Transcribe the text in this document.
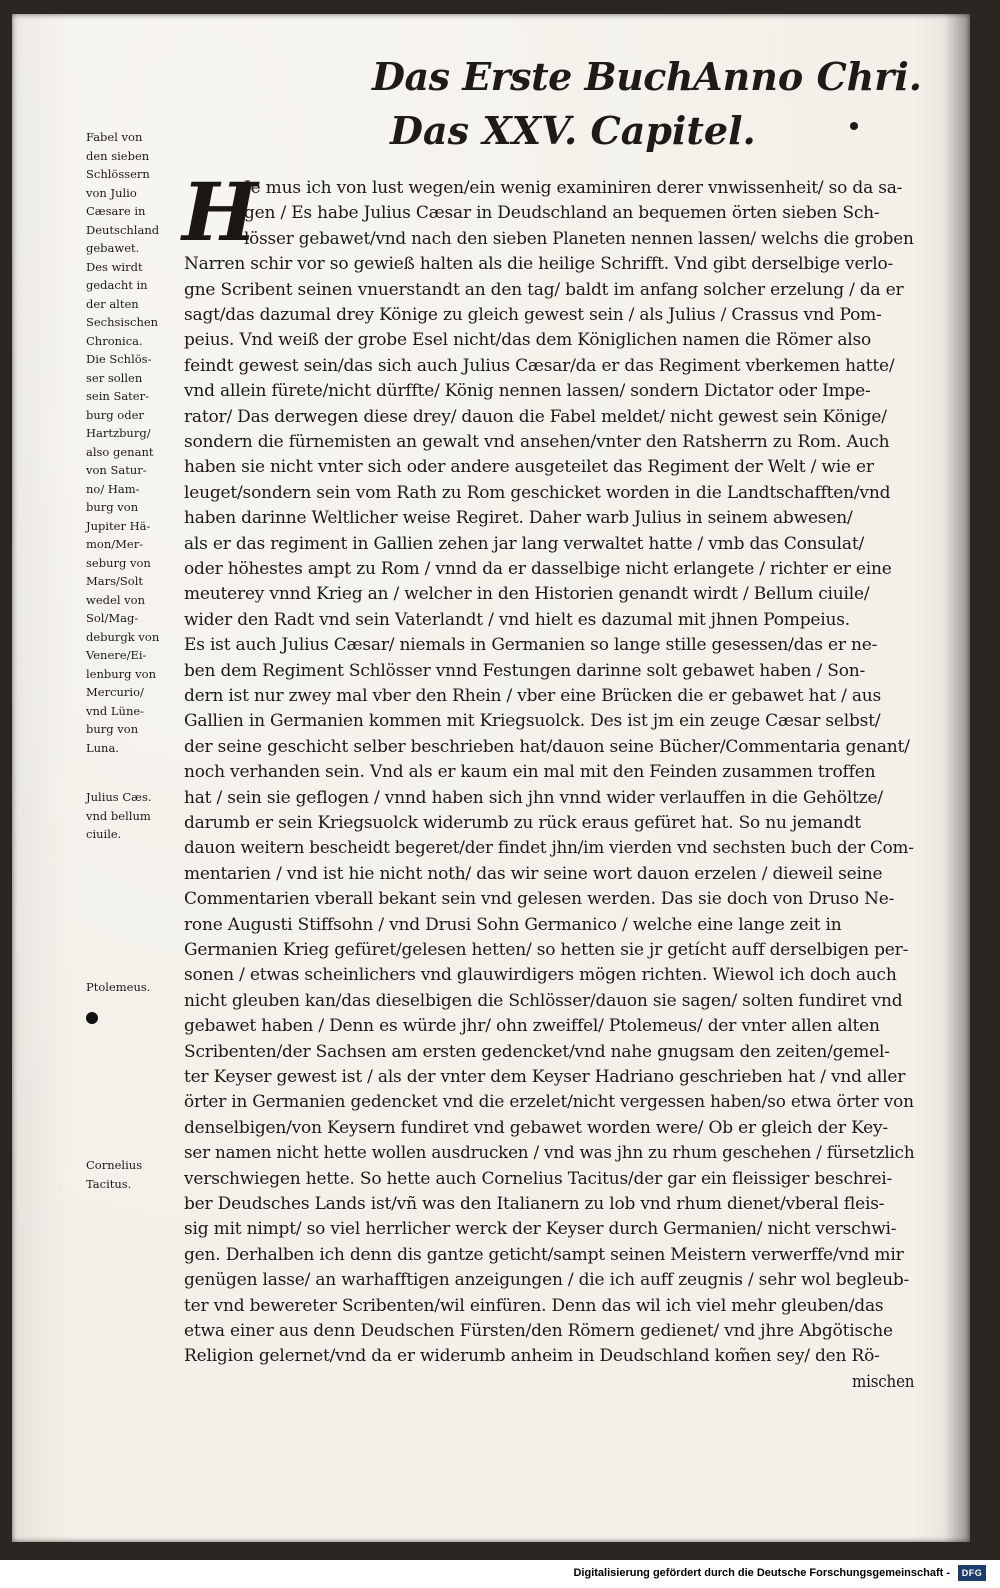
Das Erste Buch Anno Chri.
Das XXV. Capitel.
Fabel von
den sieben
Schlössern
von Julio
Cæsare in
Deutschland
gebawet.
Des wirdt
gedacht in
der alten
Sechsischen
Chronica.
Die Schlös-
ser sollen
sein Sater-
burg oder
Hartzburg/
also genant
von Satur-
no/ Ham-
burg von
Jupiter Hä-
mon/Mer-
seburg von
Mars/Solt
wedel von
Sol/Mag-
deburgk von
Venere/Ei-
lenburg von
Mercurio/
vnd Lüne-
burg von
Luna.
Julius Cæs.
vnd bellum
ciuile.
Ptolemeus.
Cornelius
Tacitus.
H
Je mus ich von lust wegen/ein wenig examiniren derer vnwissenheit/ so da sa-
gen / Es habe Julius Cæsar in Deudschland an bequemen örten sieben Sch-
lösser gebawet/vnd nach den sieben Planeten nennen lassen/ welchs die groben
Narren schir vor so gewieß halten als die heilige Schrifft. Vnd gibt derselbige verlo-
gne Scribent seinen vnuerstandt an den tag/ baldt im anfang solcher erzelung / da er
sagt/das dazumal drey Könige zu gleich gewest sein / als Julius / Crassus vnd Pom-
peius. Vnd weiß der grobe Esel nicht/das dem Königlichen namen die Römer also
feindt gewest sein/das sich auch Julius Cæsar/da er das Regiment vberkemen hatte/
vnd allein fürete/nicht dürffte/ König nennen lassen/ sondern Dictator oder Impe-
rator/ Das derwegen diese drey/ dauon die Fabel meldet/ nicht gewest sein Könige/
sondern die fürnemisten an gewalt vnd ansehen/vnter den Ratsherrn zu Rom. Auch
haben sie nicht vnter sich oder andere ausgeteilet das Regiment der Welt / wie er
leuget/sondern sein vom Rath zu Rom geschicket worden in die Landtschafften/vnd
haben darinne Weltlicher weise Regiret. Daher warb Julius in seinem abwesen/
als er das regiment in Gallien zehen jar lang verwaltet hatte / vmb das Consulat/
oder höhestes ampt zu Rom / vnnd da er dasselbige nicht erlangete / richter er eine
meuterey vnnd Krieg an / welcher in den Historien genandt wirdt / Bellum ciuile/
wider den Radt vnd sein Vaterlandt / vnd hielt es dazumal mit jhnen Pompeius.
Es ist auch Julius Cæsar/ niemals in Germanien so lange stille gesessen/das er ne-
ben dem Regiment Schlösser vnnd Festungen darinne solt gebawet haben / Son-
dern ist nur zwey mal vber den Rhein / vber eine Brücken die er gebawet hat / aus
Gallien in Germanien kommen mit Kriegsuolck. Des ist jm ein zeuge Cæsar selbst/
der seine geschicht selber beschrieben hat/dauon seine Bücher/Commentaria genant/
noch verhanden sein. Vnd als er kaum ein mal mit den Feinden zusammen troffen
hat / sein sie geflogen / vnnd haben sich jhn vnnd wider verlauffen in die Gehöltze/
darumb er sein Kriegsuolck widerumb zu rück eraus gefüret hat. So nu jemandt
dauon weitern bescheidt begeret/der findet jhn/im vierden vnd sechsten buch der Com-
mentarien / vnd ist hie nicht noth/ das wir seine wort dauon erzelen / dieweil seine
Commentarien vberall bekant sein vnd gelesen werden. Das sie doch von Druso Ne-
rone Augusti Stiffsohn / vnd Drusi Sohn Germanico / welche eine lange zeit in
Germanien Krieg gefüret/gelesen hetten/ so hetten sie jr getícht auff derselbigen per-
sonen / etwas scheinlichers vnd glauwirdigers mögen richten. Wiewol ich doch auch
nicht gleuben kan/das dieselbigen die Schlösser/dauon sie sagen/ solten fundiret vnd
gebawet haben / Denn es würde jhr/ ohn zweiffel/ Ptolemeus/ der vnter allen alten
Scribenten/der Sachsen am ersten gedencket/vnd nahe gnugsam den zeiten/gemel-
ter Keyser gewest ist / als der vnter dem Keyser Hadriano geschrieben hat / vnd aller
örter in Germanien gedencket vnd die erzelet/nicht vergessen haben/so etwa örter von
denselbigen/von Keysern fundiret vnd gebawet worden were/ Ob er gleich der Key-
ser namen nicht hette wollen ausdrucken / vnd was jhn zu rhum geschehen / fürsetzlich
verschwiegen hette. So hette auch Cornelius Tacitus/der gar ein fleissiger beschrei-
ber Deudsches Lands ist/vñ was den Italianern zu lob vnd rhum dienet/vberal fleis-
sig mit nimpt/ so viel herrlicher werck der Keyser durch Germanien/ nicht verschwi-
gen. Derhalben ich denn dis gantze geticht/sampt seinen Meistern verwerffe/vnd mir
genügen lasse/ an warhafftigen anzeigungen / die ich auff zeugnis / sehr wol begleub-
ter vnd bewereter Scribenten/wil einfüren. Denn das wil ich viel mehr gleuben/das
etwa einer aus denn Deudschen Fürsten/den Römern gedienet/ vnd jhre Abgötische
Religion gelernet/vnd da er widerumb anheim in Deudschland kom̃en sey/ den Rö-
mischen
Digitalisierung gefördert durch die Deutsche Forschungsgemeinschaft -	DFG
